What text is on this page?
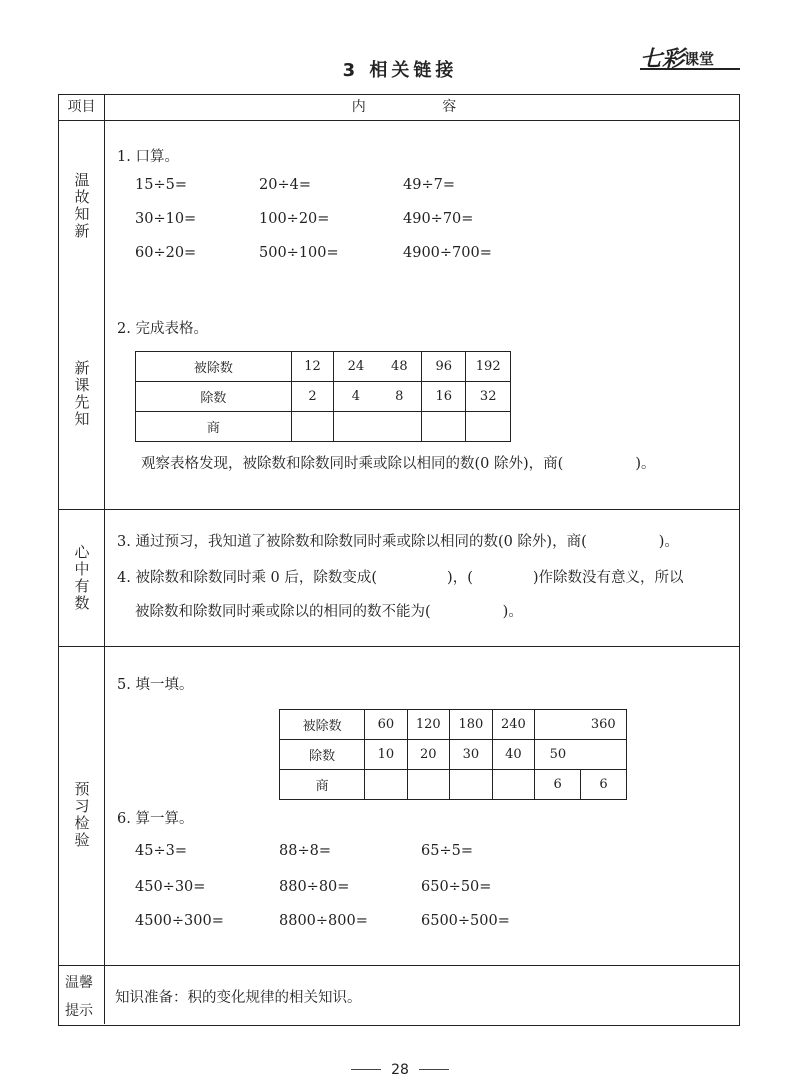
3 相关链接	七彩课堂
项目	内 容
温故知新
新课先知
1. 口算。
15÷5=	20÷4=	49÷7=
30÷10=	100÷20=	490÷70=
60÷20=	500÷100=	4900÷700=
2. 完成表格。
被除数	12	24	48	96	192
除数	2	4	8	16	32
商					
观察表格发现，被除数和除数同时乘或除以相同的数(0 除外)，商(	)。
心中有数
3. 通过预习，我知道了被除数和除数同时乘或除以相同的数(0 除外)，商(	)。
4. 被除数和除数同时乘 0 后，除数变成(	)，(	)作除数没有意义，所以
被除数和除数同时乘或除以的相同的数不能为(	)。
预习检验
5. 填一填。
被除数	60	120	180	240		360
除数	10	20	30	40	50	
商					6	6
6. 算一算。
45÷3=	88÷8=	65÷5=
450÷30=	880÷80=	650÷50=
4500÷300=	8800÷800=	6500÷500=
温馨
提示
知识准备：积的变化规律的相关知识。
28
